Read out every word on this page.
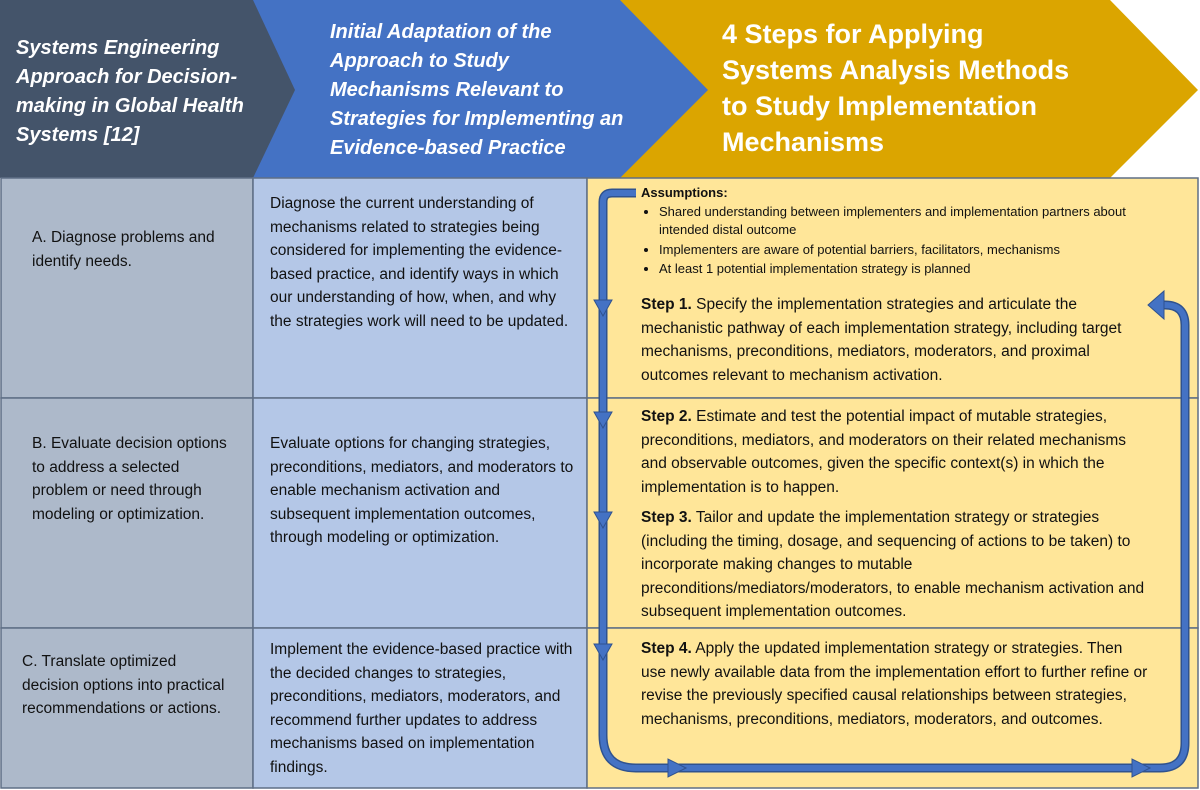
Systems Engineering Approach for Decision-making in Global Health Systems [12]
Initial Adaptation of the Approach to Study Mechanisms Relevant to Strategies for Implementing an Evidence-based Practice
4 Steps for Applying Systems Analysis Methods to Study Implementation Mechanisms
A. Diagnose problems and identify needs.
B. Evaluate decision options to address a selected problem or need through modeling or optimization.
C. Translate optimized decision options into practical recommendations or actions.
Diagnose the current understanding of mechanisms related to strategies being considered for implementing the evidence-based practice, and identify ways in which our understanding of how, when, and why the strategies work will need to be updated.
Evaluate options for changing strategies, preconditions, mediators, and moderators to enable mechanism activation and subsequent implementation outcomes, through modeling or optimization.
Implement the evidence-based practice with the decided changes to strategies, preconditions, mediators, moderators, and recommend further updates to address mechanisms based on implementation findings.
Assumptions:
• Shared understanding between implementers and implementation partners about intended distal outcome
• Implementers are aware of potential barriers, facilitators, mechanisms
• At least 1 potential implementation strategy is planned
Step 1. Specify the implementation strategies and articulate the mechanistic pathway of each implementation strategy, including target mechanisms, preconditions, mediators, moderators, and proximal outcomes relevant to mechanism activation.
Step 2. Estimate and test the potential impact of mutable strategies, preconditions, mediators, and moderators on their related mechanisms and observable outcomes, given the specific context(s) in which the implementation is to happen.
Step 3. Tailor and update the implementation strategy or strategies (including the timing, dosage, and sequencing of actions to be taken) to incorporate making changes to mutable preconditions/mediators/moderators, to enable mechanism activation and subsequent implementation outcomes.
Step 4. Apply the updated implementation strategy or strategies. Then use newly available data from the implementation effort to further refine or revise the previously specified causal relationships between strategies, mechanisms, preconditions, mediators, moderators, and outcomes.
